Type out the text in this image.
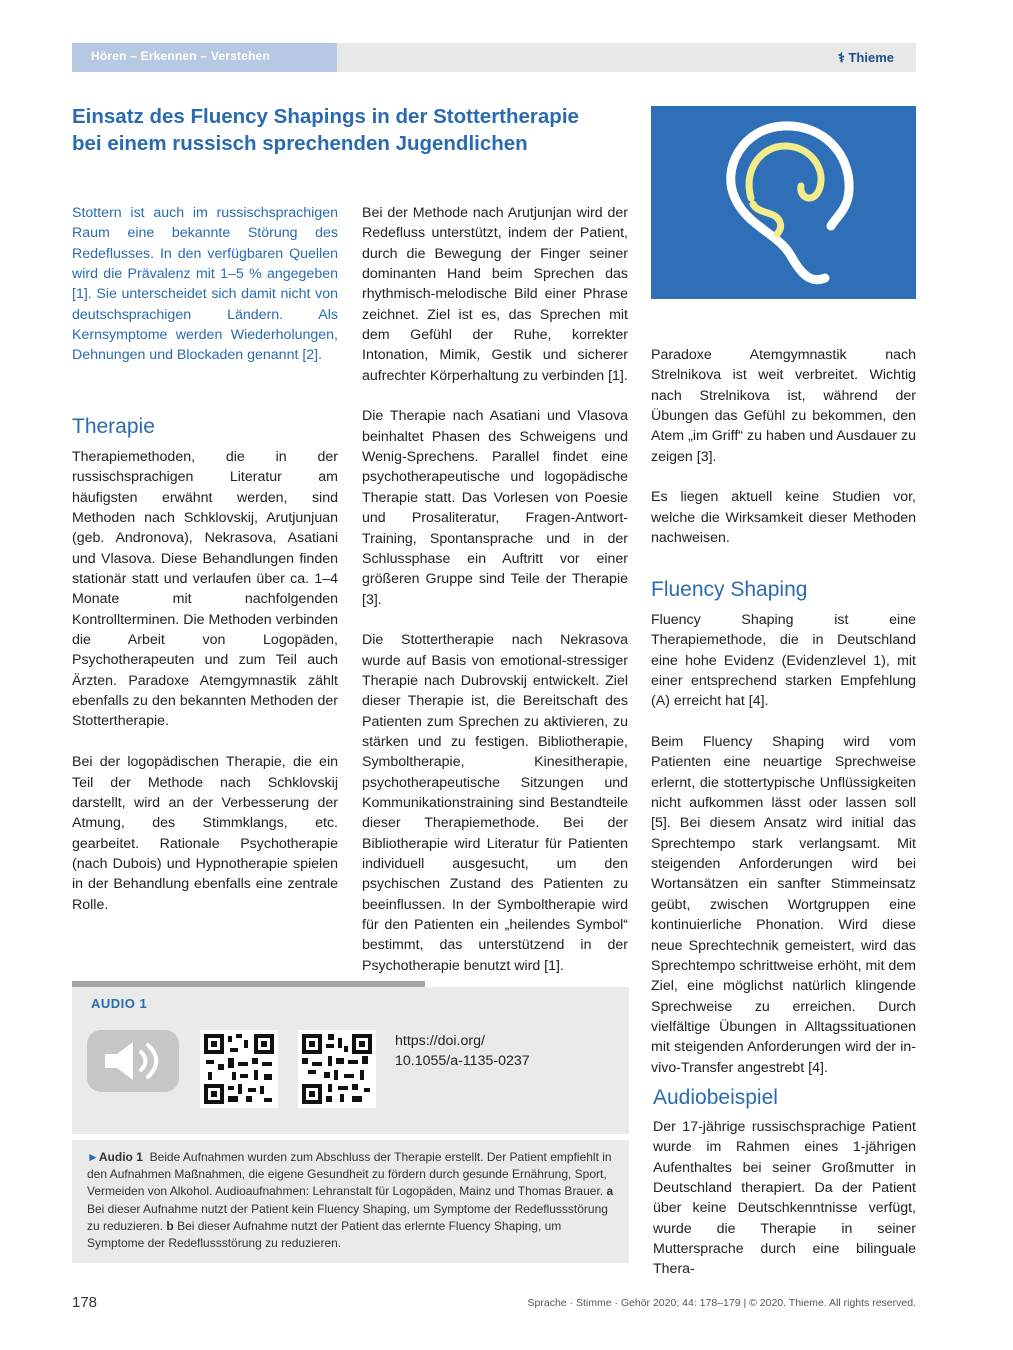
Hören – Erkennen – Verstehen	⚕ Thieme
Einsatz des Fluency Shapings in der Stottertherapie
bei einem russisch sprechenden Jugendlichen

Stottern ist auch im russischsprachigen Raum eine bekannte Störung des Redeflusses. In den verfügbaren Quellen wird die Prävalenz mit 1–5 % angegeben [1]. Sie unterscheidet sich damit nicht von deutschsprachigen Ländern. Als Kernsymptome werden Wiederholungen, Dehnungen und Blockaden genannt [2].

Therapie

Therapiemethoden, die in der russischsprachigen Literatur am häufigsten erwähnt werden, sind Methoden nach Schklovskij, Arutjunjuan (geb. Andronova), Nekrasova, Asatiani und Vlasova. Diese Behandlungen finden stationär statt und verlaufen über ca. 1–4 Monate mit nachfolgenden Kontrollterminen. Die Methoden verbinden die Arbeit von Logopäden, Psychotherapeuten und zum Teil auch Ärzten. Paradoxe Atemgymnastik zählt ebenfalls zu den bekannten Methoden der Stottertherapie.

Bei der logopädischen Therapie, die ein Teil der Methode nach Schklovskij darstellt, wird an der Verbesserung der Atmung, des Stimmklangs, etc. gearbeitet. Rationale Psychotherapie (nach Dubois) und Hypnotherapie spielen in der Behandlung ebenfalls eine zentrale Rolle.

Bei der Methode nach Arutjunjan wird der Redefluss unterstützt, indem der Patient, durch die Bewegung der Finger seiner dominanten Hand beim Sprechen das rhythmisch-melodische Bild einer Phrase zeichnet. Ziel ist es, das Sprechen mit dem Gefühl der Ruhe, korrekter Intonation, Mimik, Gestik und sicherer aufrechter Körperhaltung zu verbinden [1].

Die Therapie nach Asatiani und Vlasova beinhaltet Phasen des Schweigens und Wenig-Sprechens. Parallel findet eine psychotherapeutische und logopädische Therapie statt. Das Vorlesen von Poesie und Prosaliteratur, Fragen-Antwort-Training, Spontansprache und in der Schlussphase ein Auftritt vor einer größeren Gruppe sind Teile der Therapie [3].

Die Stottertherapie nach Nekrasova wurde auf Basis von emotional-stressiger Therapie nach Dubrovskij entwickelt. Ziel dieser Therapie ist, die Bereitschaft des Patienten zum Sprechen zu aktivieren, zu stärken und zu festigen. Bibliotherapie, Symboltherapie, Kinesitherapie, psychotherapeutische Sitzungen und Kommunikationstraining sind Bestandteile dieser Therapiemethode. Bei der Bibliotherapie wird Literatur für Patienten individuell ausgesucht, um den psychischen Zustand des Patienten zu beeinflussen. In der Symboltherapie wird für den Patienten ein „heilendes Symbol“ bestimmt, das unterstützend in der Psychotherapie benutzt wird [1].

Paradoxe Atemgymnastik nach Strelnikova ist weit verbreitet. Wichtig nach Strelnikova ist, während der Übungen das Gefühl zu bekommen, den Atem „im Griff“ zu haben und Ausdauer zu zeigen [3].

Es liegen aktuell keine Studien vor, welche die Wirksamkeit dieser Methoden nachweisen.

Fluency Shaping

Fluency Shaping ist eine Therapiemethode, die in Deutschland eine hohe Evidenz (Evidenzlevel 1), mit einer entsprechend starken Empfehlung (A) erreicht hat [4].

Beim Fluency Shaping wird vom Patienten eine neuartige Sprechweise erlernt, die stottertypische Unflüssigkeiten nicht aufkommen lässt oder lassen soll [5]. Bei diesem Ansatz wird initial das Sprechtempo stark verlangsamt. Mit steigenden Anforderungen wird bei Wortansätzen ein sanfter Stimmeinsatz geübt, zwischen Wortgruppen eine kontinuierliche Phonation. Wird diese neue Sprechtechnik gemeistert, wird das Sprechtempo schrittweise erhöht, mit dem Ziel, eine möglichst natürlich klingende Sprechweise zu erreichen. Durch vielfältige Übungen in Alltagssituationen mit steigenden Anforderungen wird der in-vivo-Transfer angestrebt [4].

Audiobeispiel

Der 17-jährige russischsprachige Patient wurde im Rahmen eines 1-jährigen Aufenthaltes bei seiner Großmutter in Deutschland therapiert. Da der Patient über keine Deutschkenntnisse verfügt, wurde die Therapie in seiner Muttersprache durch eine bilinguale Thera-

AUDIO 1
https://doi.org/
10.1055/a-1135-0237

►Audio 1 Beide Aufnahmen wurden zum Abschluss der Therapie erstellt. Der Patient empfiehlt in den Aufnahmen Maßnahmen, die eigene Gesundheit zu fördern durch gesunde Ernährung, Sport, Vermeiden von Alkohol. Audioaufnahmen: Lehranstalt für Logopäden, Mainz und Thomas Brauer. a Bei dieser Aufnahme nutzt der Patient kein Fluency Shaping, um Symptome der Redeflussstörung zu reduzieren. b Bei dieser Aufnahme nutzt der Patient das erlernte Fluency Shaping, um Symptome der Redeflussstörung zu reduzieren.

178	Sprache · Stimme · Gehör 2020; 44: 178–179 | © 2020. Thieme. All rights reserved.
